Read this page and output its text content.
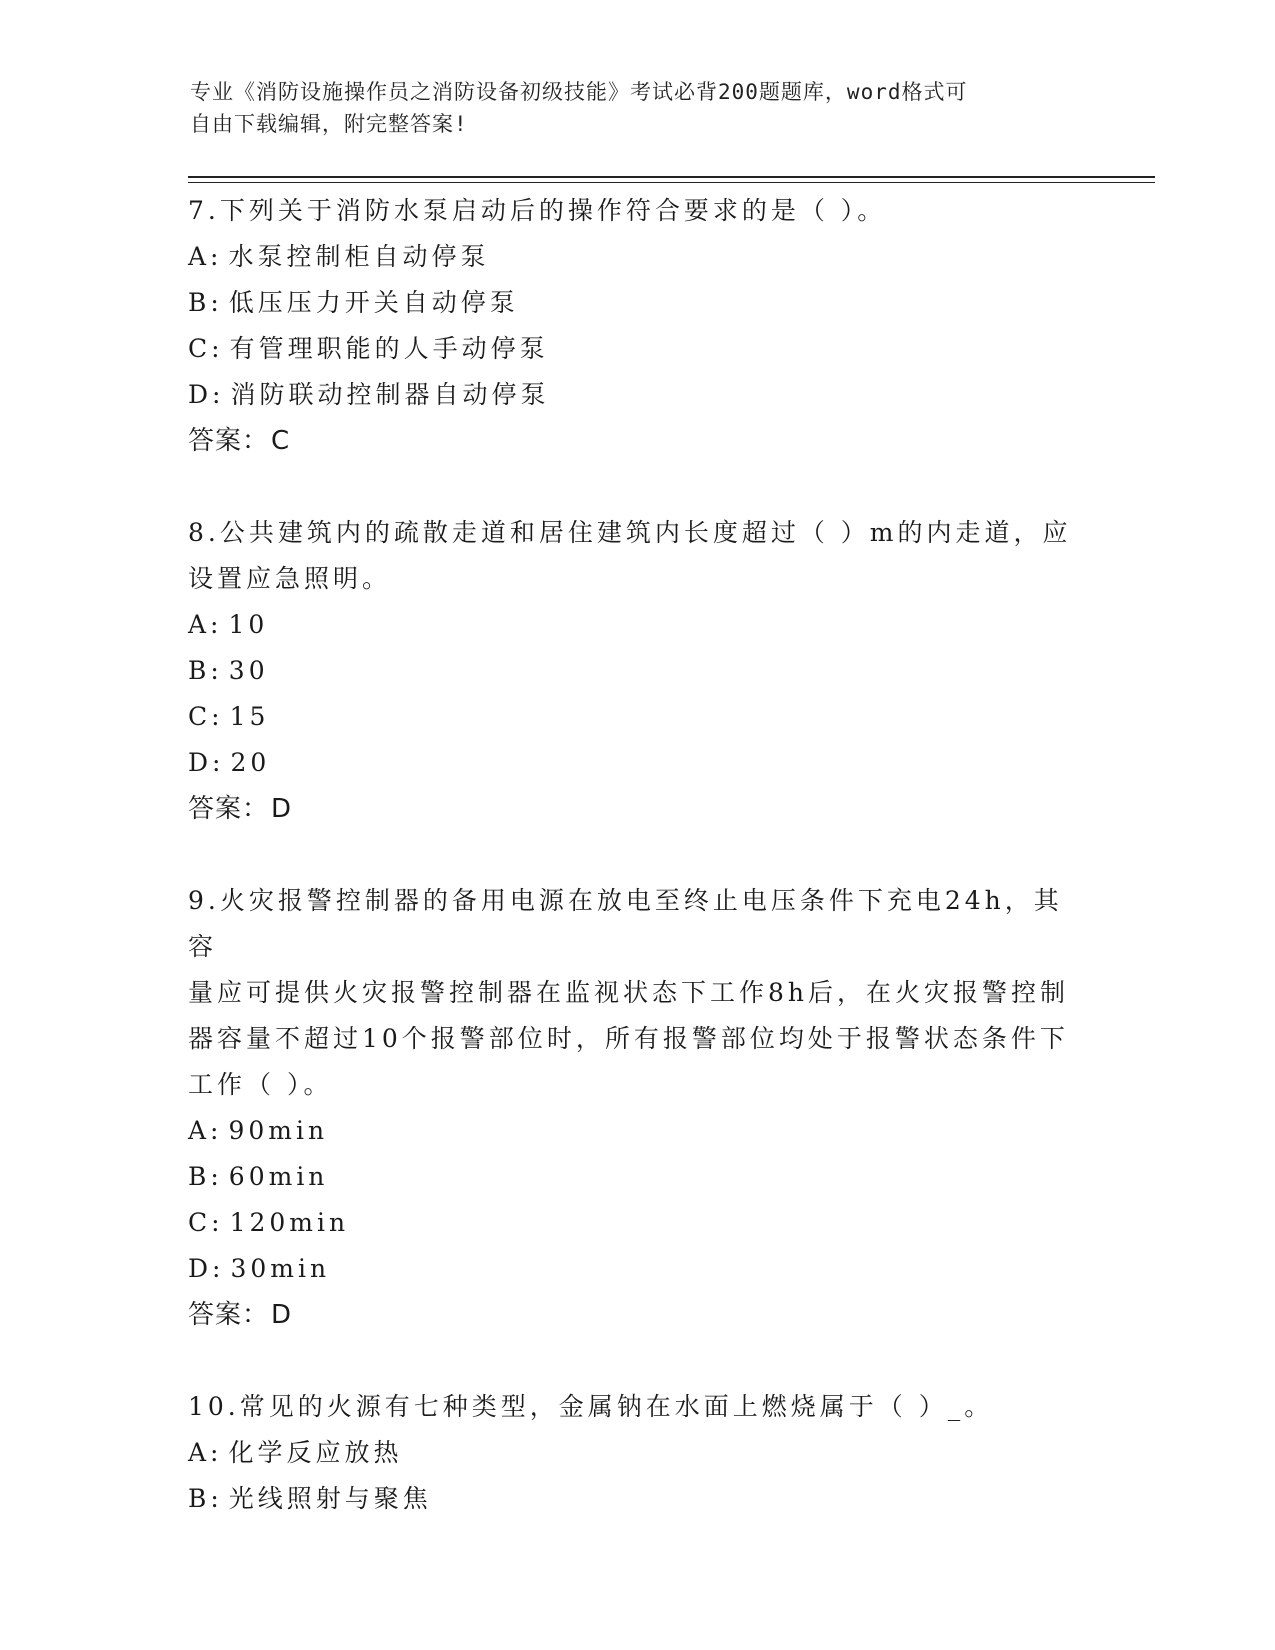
专业《消防设施操作员之消防设备初级技能》考试必背200题题库，word格式可
自由下载编辑，附完整答案!

7.下列关于消防水泵启动后的操作符合要求的是（ ）。

A: 水泵控制柜自动停泵

B: 低压压力开关自动停泵

C: 有管理职能的人手动停泵

D: 消防联动控制器自动停泵

答案：C

8.公共建筑内的疏散走道和居住建筑内长度超过（ ）m的内走道，应

设置应急照明。

A: 10

B: 30

C: 15

D: 20

答案：D

9.火灾报警控制器的备用电源在放电至终止电压条件下充电24h，其容

量应可提供火灾报警控制器在监视状态下工作8h后，在火灾报警控制

器容量不超过10个报警部位时，所有报警部位均处于报警状态条件下

工作（ ）。

A: 90min

B: 60min

C: 120min

D: 30min

答案：D

10.常见的火源有七种类型，金属钠在水面上燃烧属于（ ）_。

A: 化学反应放热

B: 光线照射与聚焦
